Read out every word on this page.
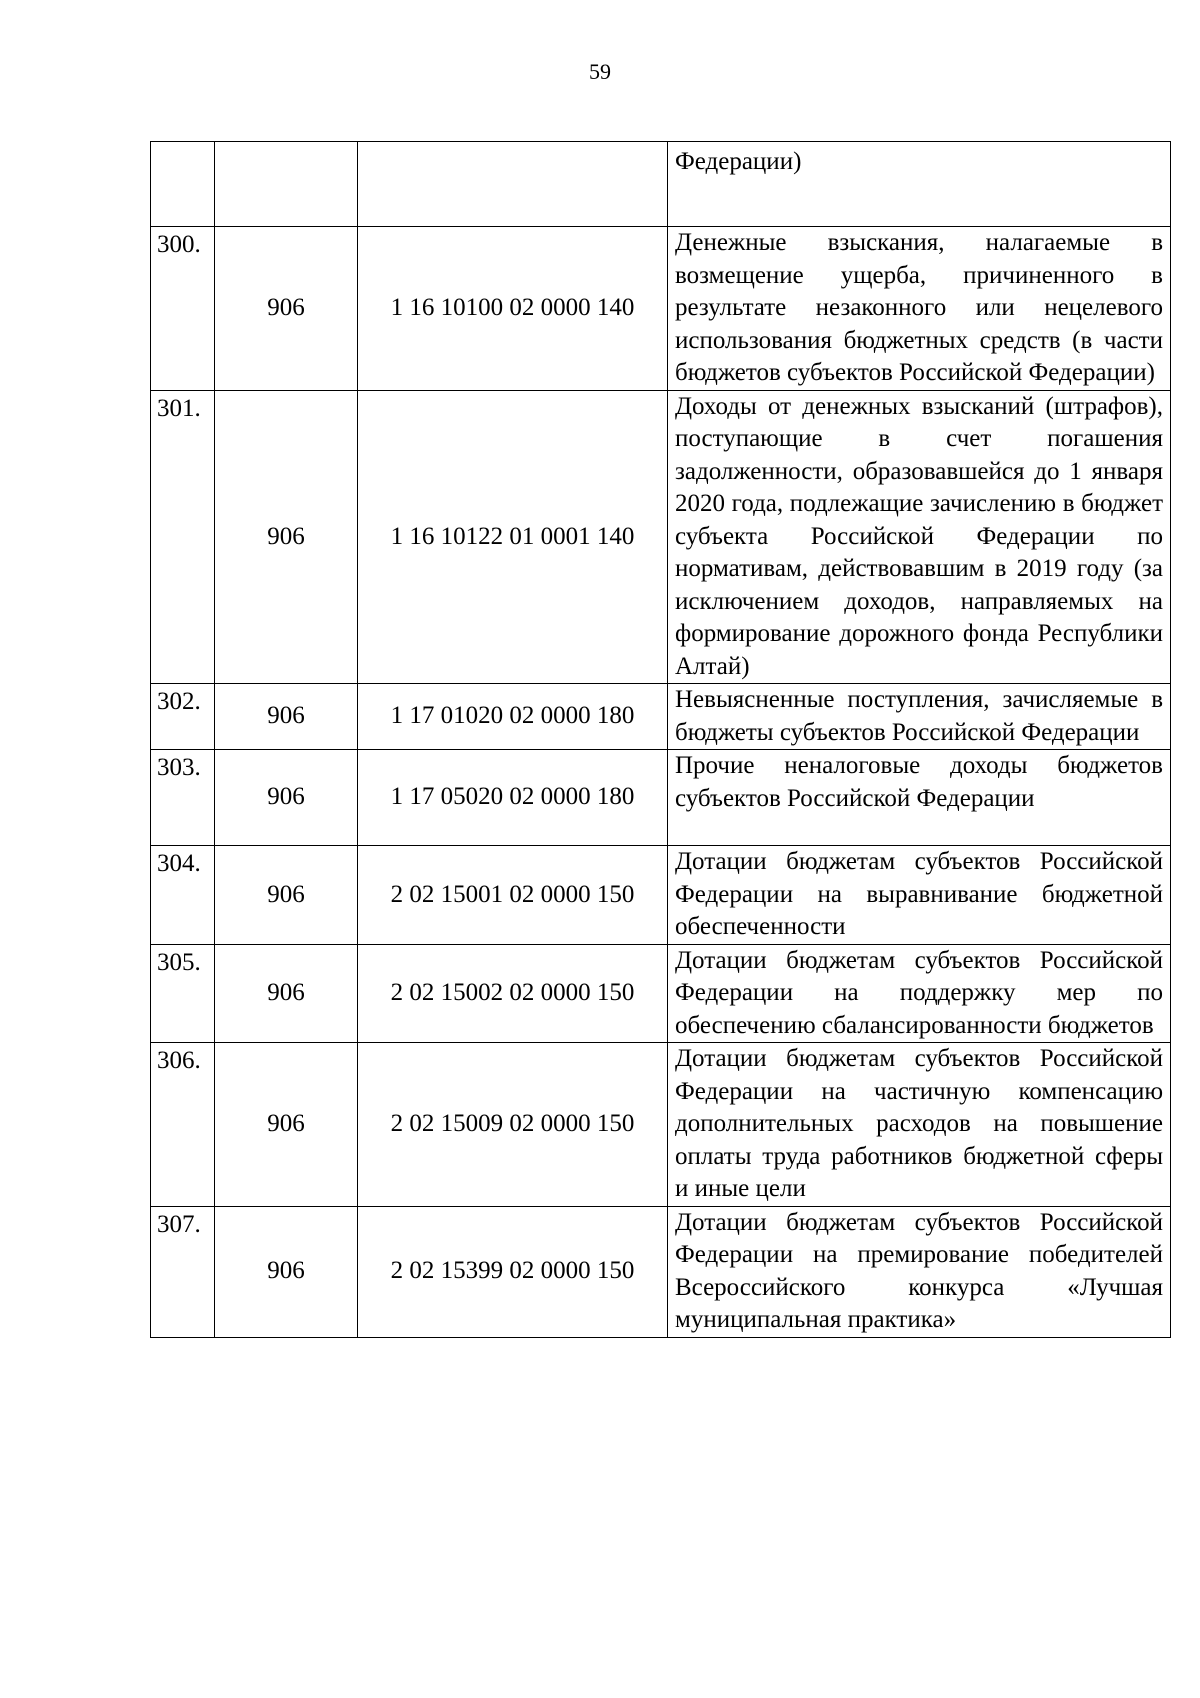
59
			Федерации)
300.	906	1 16 10100 02 0000 140	Денежные взыскания, налагаемые в возмещение ущерба, причиненного в результате незаконного или нецелевого использования бюджетных средств (в части бюджетов субъектов Российской Федерации)
301.	906	1 16 10122 01 0001 140	Доходы от денежных взысканий (штрафов), поступающие в счет погашения задолженности, образовавшейся до 1 января 2020 года, подлежащие зачислению в бюджет субъекта Российской Федерации по нормативам, действовавшим в 2019 году (за исключением доходов, направляемых на формирование дорожного фонда Республики Алтай)
302.	906	1 17 01020 02 0000 180	Невыясненные поступления, зачисляемые в бюджеты субъектов Российской Федерации
303.	906	1 17 05020 02 0000 180	Прочие неналоговые доходы бюджетов субъектов Российской Федерации
304.	906	2 02 15001 02 0000 150	Дотации бюджетам субъектов Российской Федерации на выравнивание бюджетной обеспеченности
305.	906	2 02 15002 02 0000 150	Дотации бюджетам субъектов Российской Федерации на поддержку мер по обеспечению сбалансированности бюджетов
306.	906	2 02 15009 02 0000 150	Дотации бюджетам субъектов Российской Федерации на частичную компенсацию дополнительных расходов на повышение оплаты труда работников бюджетной сферы и иные цели
307.	906	2 02 15399 02 0000 150	Дотации бюджетам субъектов Российской Федерации на премирование победителей Всероссийского конкурса «Лучшая муниципальная практика»
